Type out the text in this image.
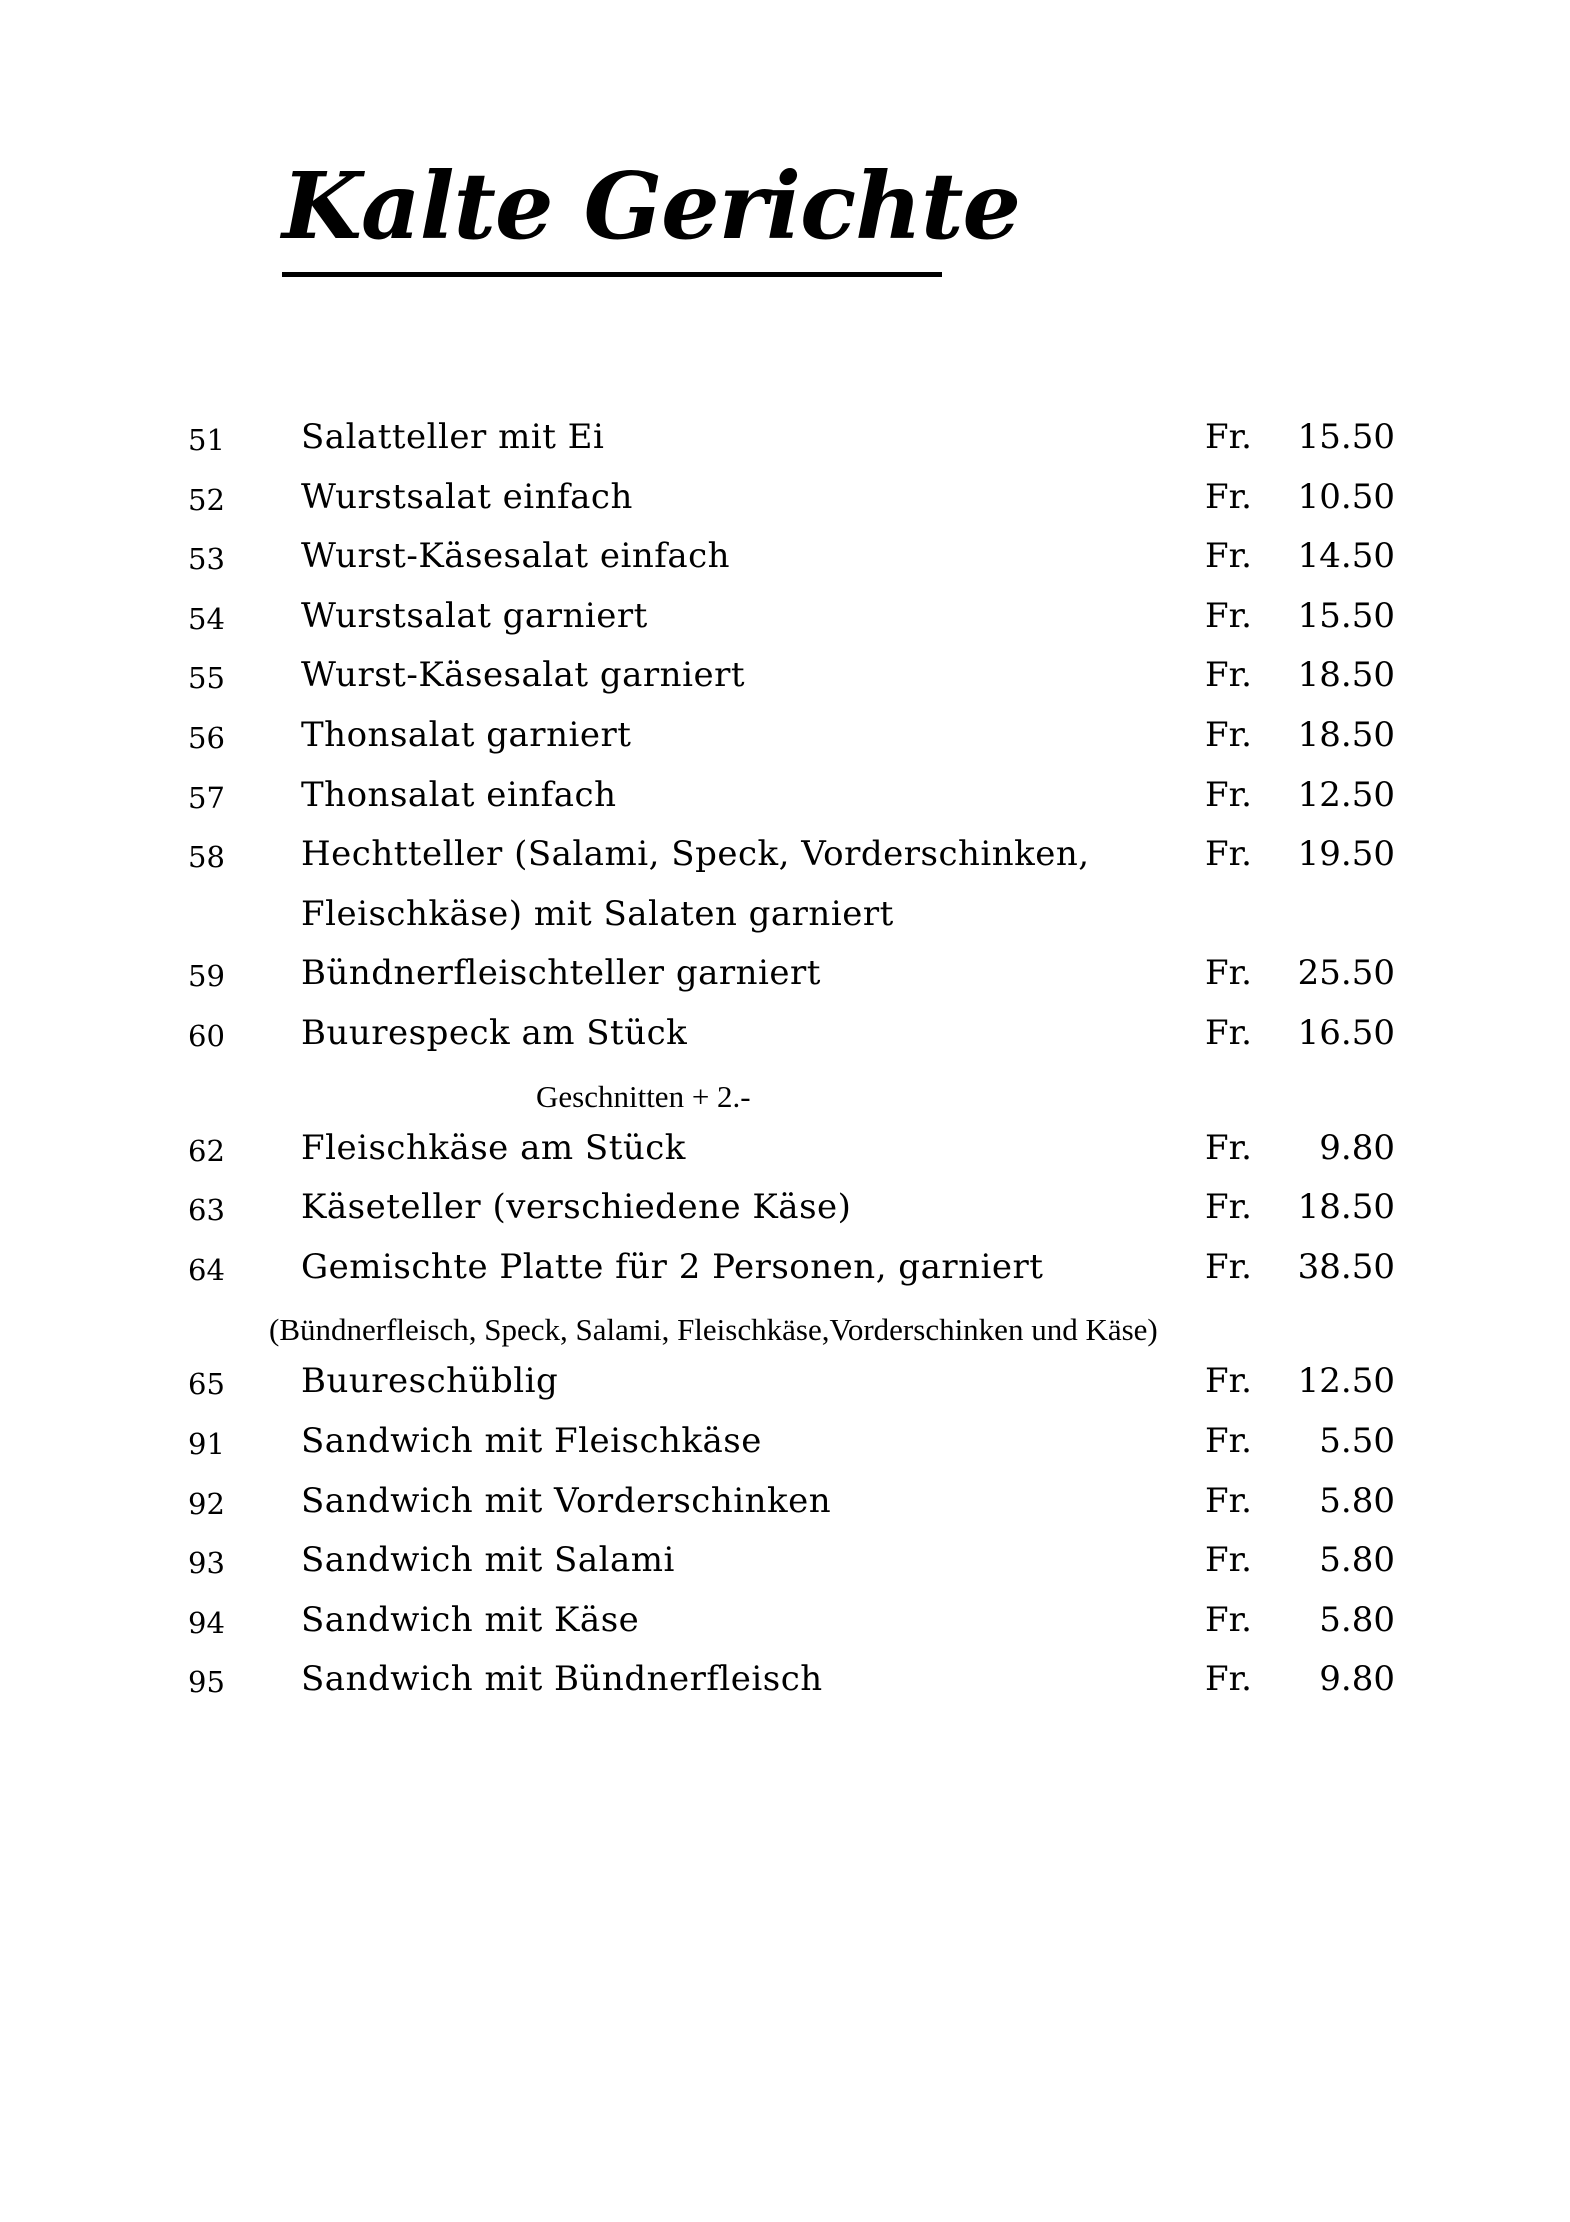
Kalte Gerichte
51 Salatteller mit Ei	Fr. 15.50
52 Wurstsalat einfach	Fr. 10.50
53 Wurst-Käsesalat einfach	Fr. 14.50
54 Wurstsalat garniert	Fr. 15.50
55 Wurst-Käsesalat garniert	Fr. 18.50
56 Thonsalat garniert	Fr. 18.50
57 Thonsalat einfach	Fr. 12.50
58 Hechtteller (Salami, Speck, Vorderschinken,	Fr. 19.50
Fleischkäse) mit Salaten garniert
59 Bündnerfleischteller garniert	Fr. 25.50
60 Buurespeck am Stück	Fr. 16.50
Geschnitten + 2.-
62 Fleischkäse am Stück	Fr. 9.80
63 Käseteller (verschiedene Käse)	Fr. 18.50
64 Gemischte Platte für 2 Personen, garniert	Fr. 38.50
(Bündnerfleisch, Speck, Salami, Fleischkäse,Vorderschinken und Käse)
65 Buureschüblig	Fr. 12.50
91 Sandwich mit Fleischkäse	Fr. 5.50
92 Sandwich mit Vorderschinken	Fr. 5.80
93 Sandwich mit Salami	Fr. 5.80
94 Sandwich mit Käse	Fr. 5.80
95 Sandwich mit Bündnerfleisch	Fr. 9.80
